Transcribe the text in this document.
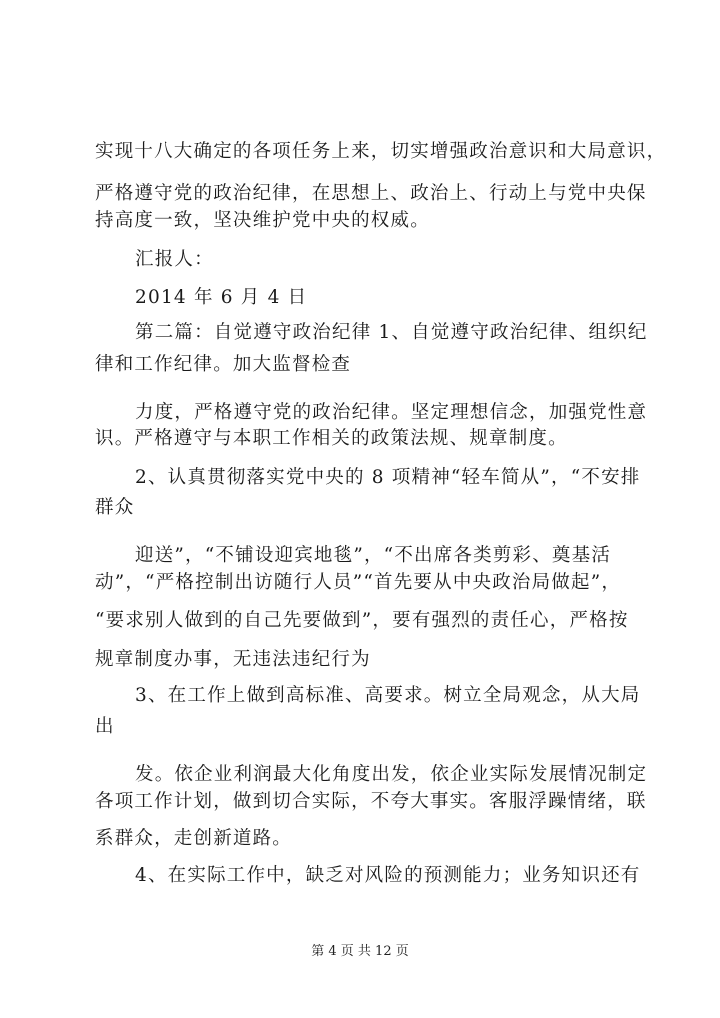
实现十八大确定的各项任务上来，切实增强政治意识和大局意识，
严格遵守党的政治纪律，在思想上、政治上、行动上与党中央保
持高度一致，坚决维护党中央的权威。
汇报人：
2014 年 6 月 4 日
第二篇：自觉遵守政治纪律 1、自觉遵守政治纪律、组织纪
律和工作纪律。加大监督检查
力度，严格遵守党的政治纪律。坚定理想信念，加强党性意
识。严格遵守与本职工作相关的政策法规、规章制度。
2、认真贯彻落实党中央的 8 项精神“轻车简从”，“不安排
群众
迎送”，“不铺设迎宾地毯”，“不出席各类剪彩、奠基活
动”，“严格控制出访随行人员”“首先要从中央政治局做起”，
“要求别人做到的自己先要做到”，要有强烈的责任心，严格按
规章制度办事，无违法违纪行为
3、在工作上做到高标准、高要求。树立全局观念，从大局
出
发。依企业利润最大化角度出发，依企业实际发展情况制定
各项工作计划，做到切合实际，不夸大事实。客服浮躁情绪，联
系群众，走创新道路。
4、在实际工作中，缺乏对风险的预测能力；业务知识还有
第 4 页 共 12 页
